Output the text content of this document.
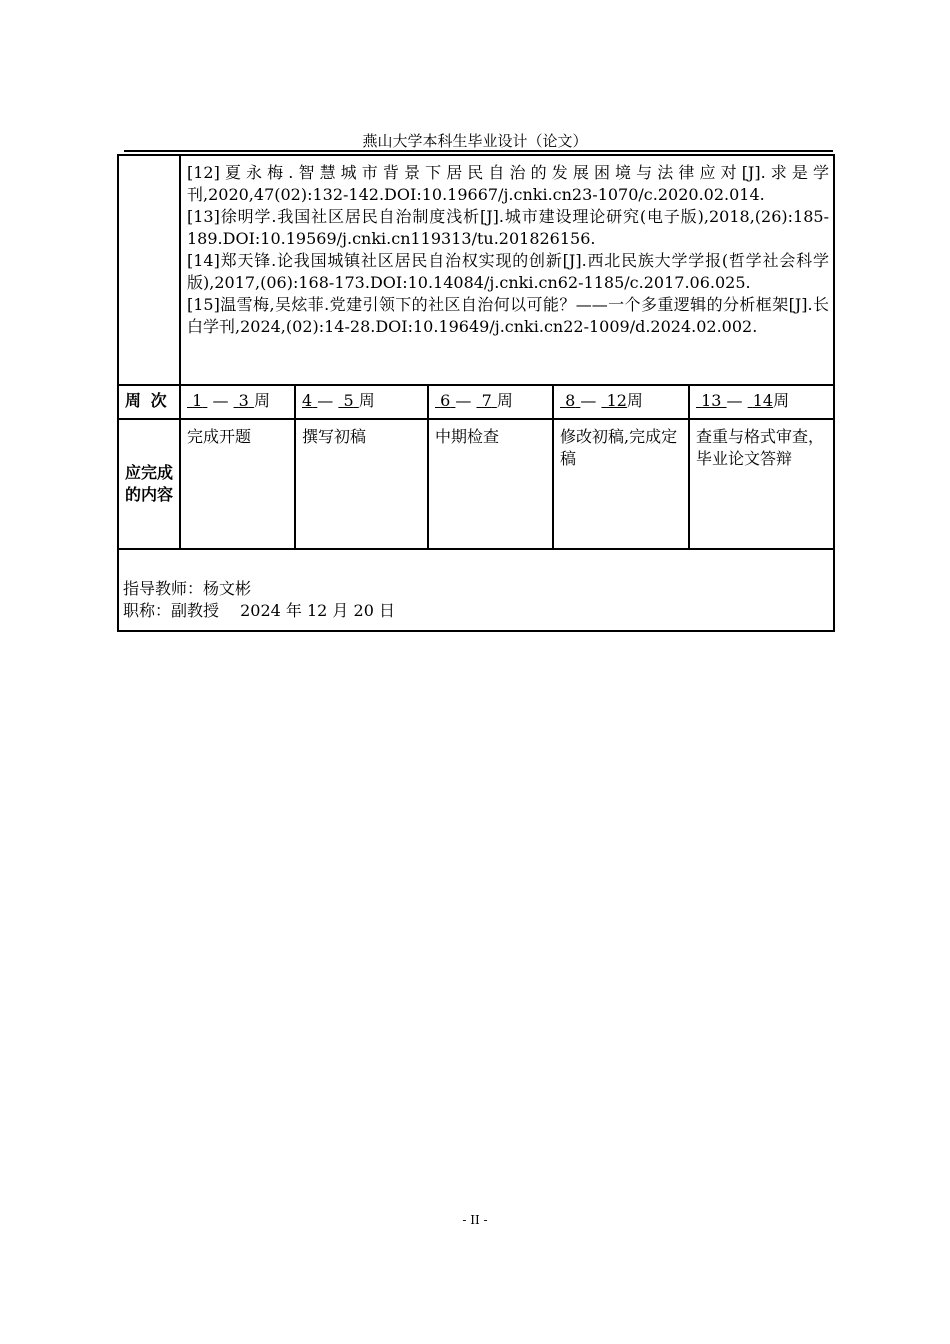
燕山大学本科生毕业设计（论文）

	[12]夏永梅.智慧城市背景下居民自治的发展困境与法律应对[J].求是学刊,2020,47(02):132-142.DOI:10.19667/j.cnki.cn23-1070/c.2020.02.014.

[13]徐明学.我国社区居民自治制度浅析[J].城市建设理论研究(电子版),2018,(26):185-189.DOI:10.19569/j.cnki.cn119313/tu.201826156.

[14]郑天锋.论我国城镇社区居民自治权实现的创新[J].西北民族大学学报(哲学社会科学版),2017,(06):168-173.DOI:10.14084/j.cnki.cn62-1185/c.2017.06.025.

[15]温雪梅,吴炫菲.党建引领下的社区自治何以可能？——一个多重逻辑的分析框架[J].长白学刊,2024,(02):14-28.DOI:10.19649/j.cnki.cn22-1009/d.2024.02.002.				

周 次	1 — 3 周	4 — 5 周	6 — 7 周	8 — 12周	13 — 14周
应完成的内容	完成开题	撰写初稿	中期检查	修改初稿,完成定稿	查重与格式审查，毕业论文答辩

指导教师：杨文彬
职称：副教授　 2024 年 12 月 20 日					
- II -
